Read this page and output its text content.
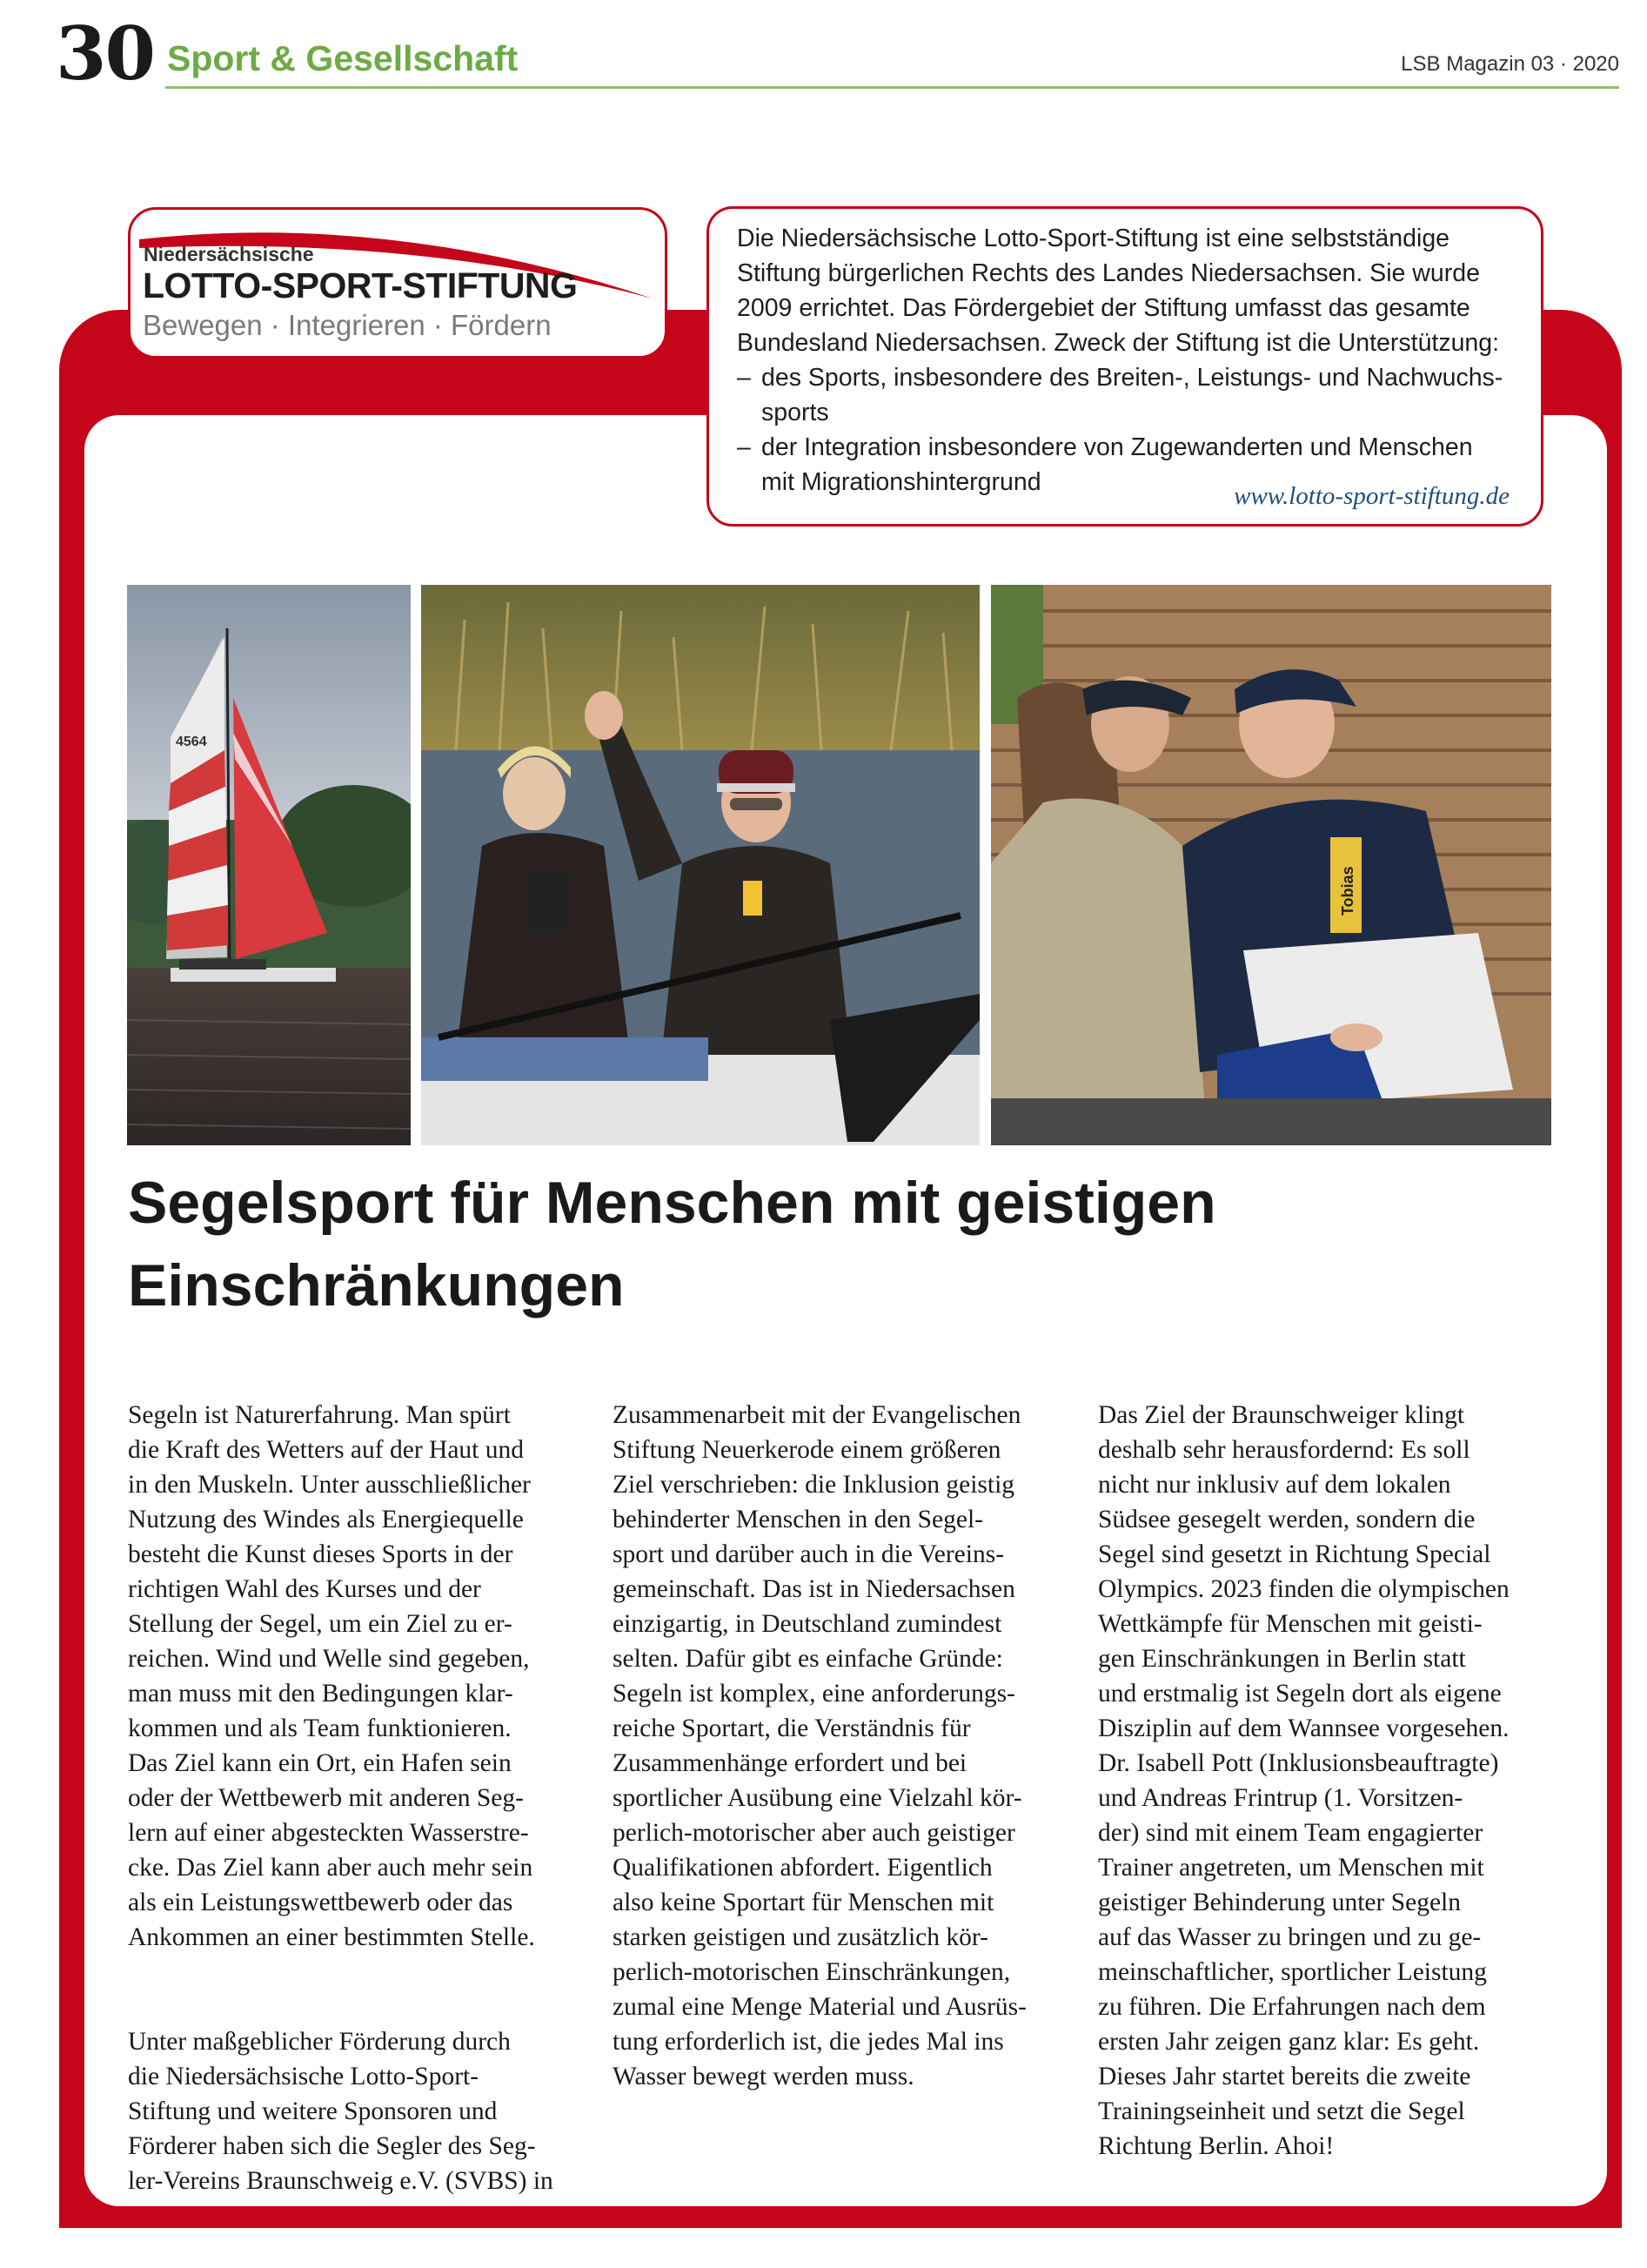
30 Sport & Gesellschaft	LSB Magazin 03 · 2020
Niedersächsische
LOTTO-SPORT-STIFTUNG
Bewegen · Integrieren · Fördern

Die Niedersächsische Lotto-Sport-Stiftung ist eine selbstständige Stiftung bürgerlichen Rechts des Landes Niedersachsen. Sie wurde 2009 errichtet. Das Fördergebiet der Stiftung umfasst das gesamte Bundesland Niedersachsen. Zweck der Stiftung ist die Unterstützung:

– des Sports, insbesondere des Breiten-, Leistungs- und Nachwuchs-
sports

– der Integration insbesondere von Zugewanderten und Menschen
mit Migrationshintergrund	www.lotto-sport-stiftung.de
4564
Tobias
Segelsport für Menschen mit geistigen Einschränkungen

Segeln ist Naturerfahrung. Man spürt
die Kraft des Wetters auf der Haut und
in den Muskeln. Unter ausschließlicher
Nutzung des Windes als Energiequelle
besteht die Kunst dieses Sports in der
richtigen Wahl des Kurses und der
Stellung der Segel, um ein Ziel zu er-
reichen. Wind und Welle sind gegeben,
man muss mit den Bedingungen klar-
kommen und als Team funktionieren.
Das Ziel kann ein Ort, ein Hafen sein
oder der Wettbewerb mit anderen Seg-
lern auf einer abgesteckten Wasserstre-
cke. Das Ziel kann aber auch mehr sein
als ein Leistungswettbewerb oder das
Ankommen an einer bestimmten Stelle.

Unter maßgeblicher Förderung durch
die Niedersächsische Lotto-Sport-
Stiftung und weitere Sponsoren und
Förderer haben sich die Segler des Seg-
ler-Vereins Braunschweig e.V. (SVBS) in

Zusammenarbeit mit der Evangelischen
Stiftung Neuerkerode einem größeren
Ziel verschrieben: die Inklusion geistig
behinderter Menschen in den Segel-
sport und darüber auch in die Vereins-
gemeinschaft. Das ist in Niedersachsen
einzigartig, in Deutschland zumindest
selten. Dafür gibt es einfache Gründe:
Segeln ist komplex, eine anforderungs-
reiche Sportart, die Verständnis für
Zusammenhänge erfordert und bei
sportlicher Ausübung eine Vielzahl kör-
perlich-motorischer aber auch geistiger
Qualifikationen abfordert. Eigentlich
also keine Sportart für Menschen mit
starken geistigen und zusätzlich kör-
perlich-motorischen Einschränkungen,
zumal eine Menge Material und Ausrüs-
tung erforderlich ist, die jedes Mal ins
Wasser bewegt werden muss.

Das Ziel der Braunschweiger klingt
deshalb sehr herausfordernd: Es soll
nicht nur inklusiv auf dem lokalen
Südsee gesegelt werden, sondern die
Segel sind gesetzt in Richtung Special
Olympics. 2023 finden die olympischen
Wettkämpfe für Menschen mit geisti-
gen Einschränkungen in Berlin statt
und erstmalig ist Segeln dort als eigene
Disziplin auf dem Wannsee vorgesehen.
Dr. Isabell Pott (Inklusionsbeauftragte)
und Andreas Frintrup (1. Vorsitzen-
der) sind mit einem Team engagierter
Trainer angetreten, um Menschen mit
geistiger Behinderung unter Segeln
auf das Wasser zu bringen und zu ge-
meinschaftlicher, sportlicher Leistung
zu führen. Die Erfahrungen nach dem
ersten Jahr zeigen ganz klar: Es geht.
Dieses Jahr startet bereits die zweite
Trainingseinheit und setzt die Segel
Richtung Berlin. Ahoi!
